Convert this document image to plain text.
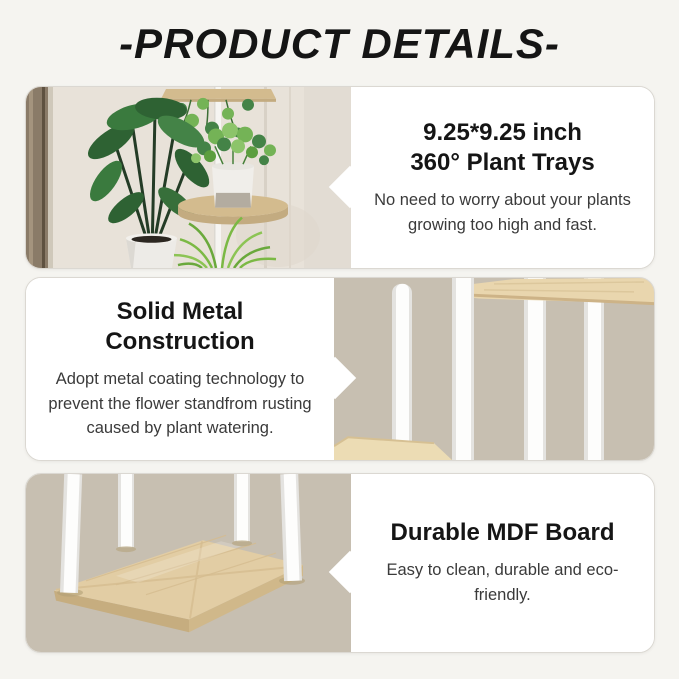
-PRODUCT DETAILS-
9.25*9.25 inch
360° Plant Trays

No need to worry about your plants
growing too high and fast.

Solid Metal Construction

Adopt metal coating technology to
prevent the flower standfrom rusting
caused by plant watering.

Durable MDF Board

Easy to clean, durable and eco-friendly.
